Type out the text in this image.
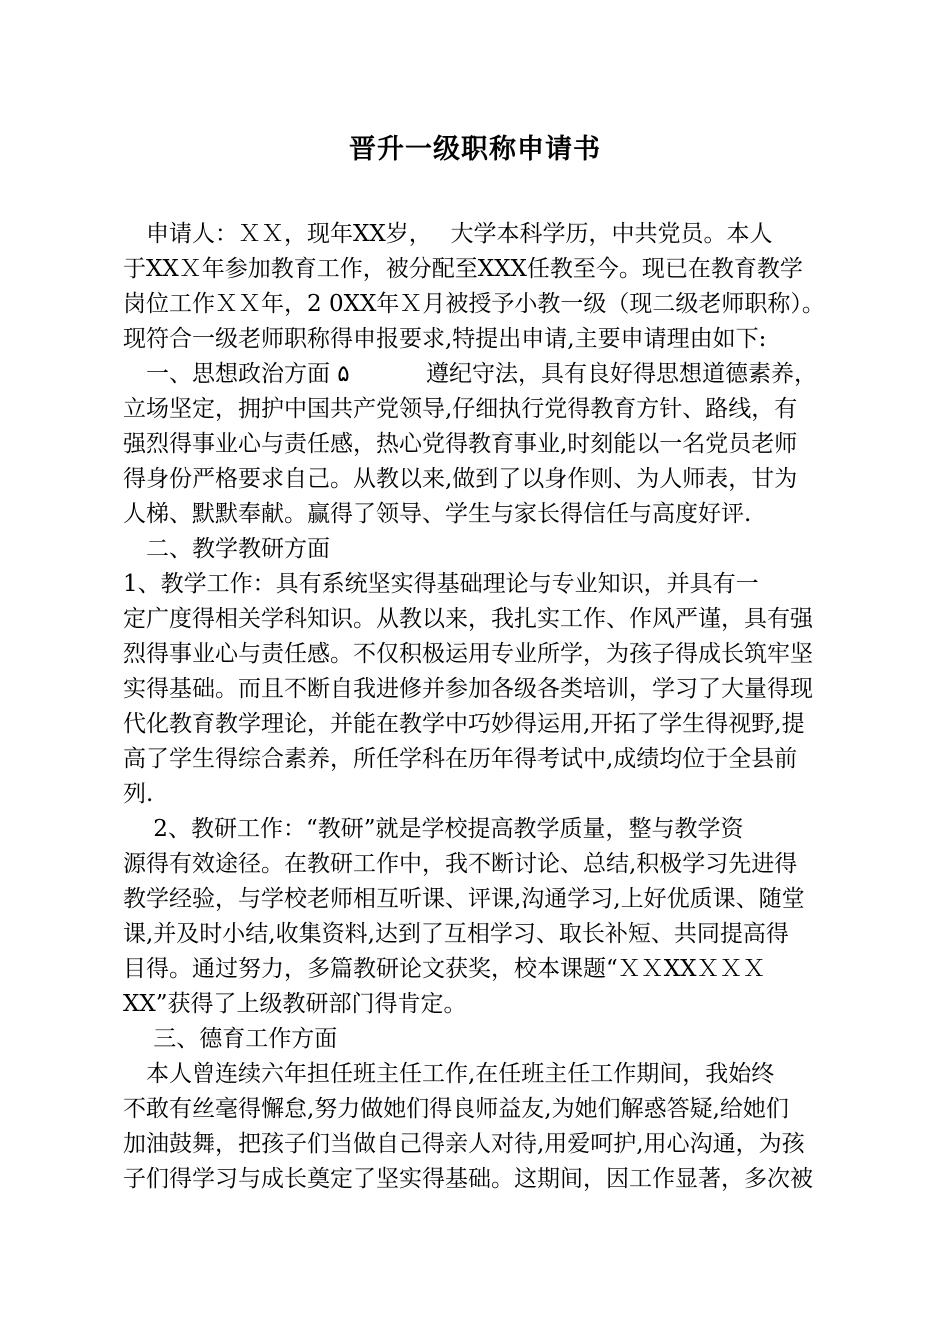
晋升一级职称申请书
　申请人：ＸＸ，现年XX岁，　 大学本科学历，中共党员。本人
于XXＸ年参加教育工作，被分配至XXX任教至今。现已在教育教学
岗位工作ＸＸ年，2 0XX年Ｘ月被授予小教一级（现二级老师职称）。
现符合一级老师职称得申报要求,特提出申请,主要申请理由如下:
　一、思想政治方面 ۵　　　 遵纪守法，具有良好得思想道德素养，
立场坚定，拥护中国共产党领导,仔细执行党得教育方针、路线，有
强烈得事业心与责任感，热心党得教育事业,时刻能以一名党员老师
得身份严格要求自己。从教以来,做到了以身作则、为人师表，甘为
人梯、默默奉献。赢得了领导、学生与家长得信任与高度好评.
　二、教学教研方面
1、教学工作：具有系统坚实得基础理论与专业知识，并具有一
定广度得相关学科知识。从教以来，我扎实工作、作风严谨，具有强
烈得事业心与责任感。不仅积极运用专业所学，为孩子得成长筑牢坚
实得基础。而且不断自我进修并参加各级各类培训，学习了大量得现
代化教育教学理论，并能在教学中巧妙得运用,开拓了学生得视野,提
高了学生得综合素养，所任学科在历年得考试中,成绩均位于全县前
列.
　 2、教研工作：“教研”就是学校提高教学质量，整与教学资
源得有效途径。在教研工作中，我不断讨论、总结,积极学习先进得
教学经验，与学校老师相互听课、评课,沟通学习,上好优质课、随堂
课,并及时小结,收集资料,达到了互相学习、取长补短、共同提高得
目得。通过努力，多篇教研论文获奖，校本课题“ＸＸXXＸＸＸ
XX”获得了上级教研部门得肯定。
　 三、德育工作方面
　本人曾连续六年担任班主任工作,在任班主任工作期间，我始终
不敢有丝毫得懈怠,努力做她们得良师益友,为她们解惑答疑,给她们
加油鼓舞，把孩子们当做自己得亲人对待,用爱呵护,用心沟通，为孩
子们得学习与成长奠定了坚实得基础。这期间，因工作显著，多次被
